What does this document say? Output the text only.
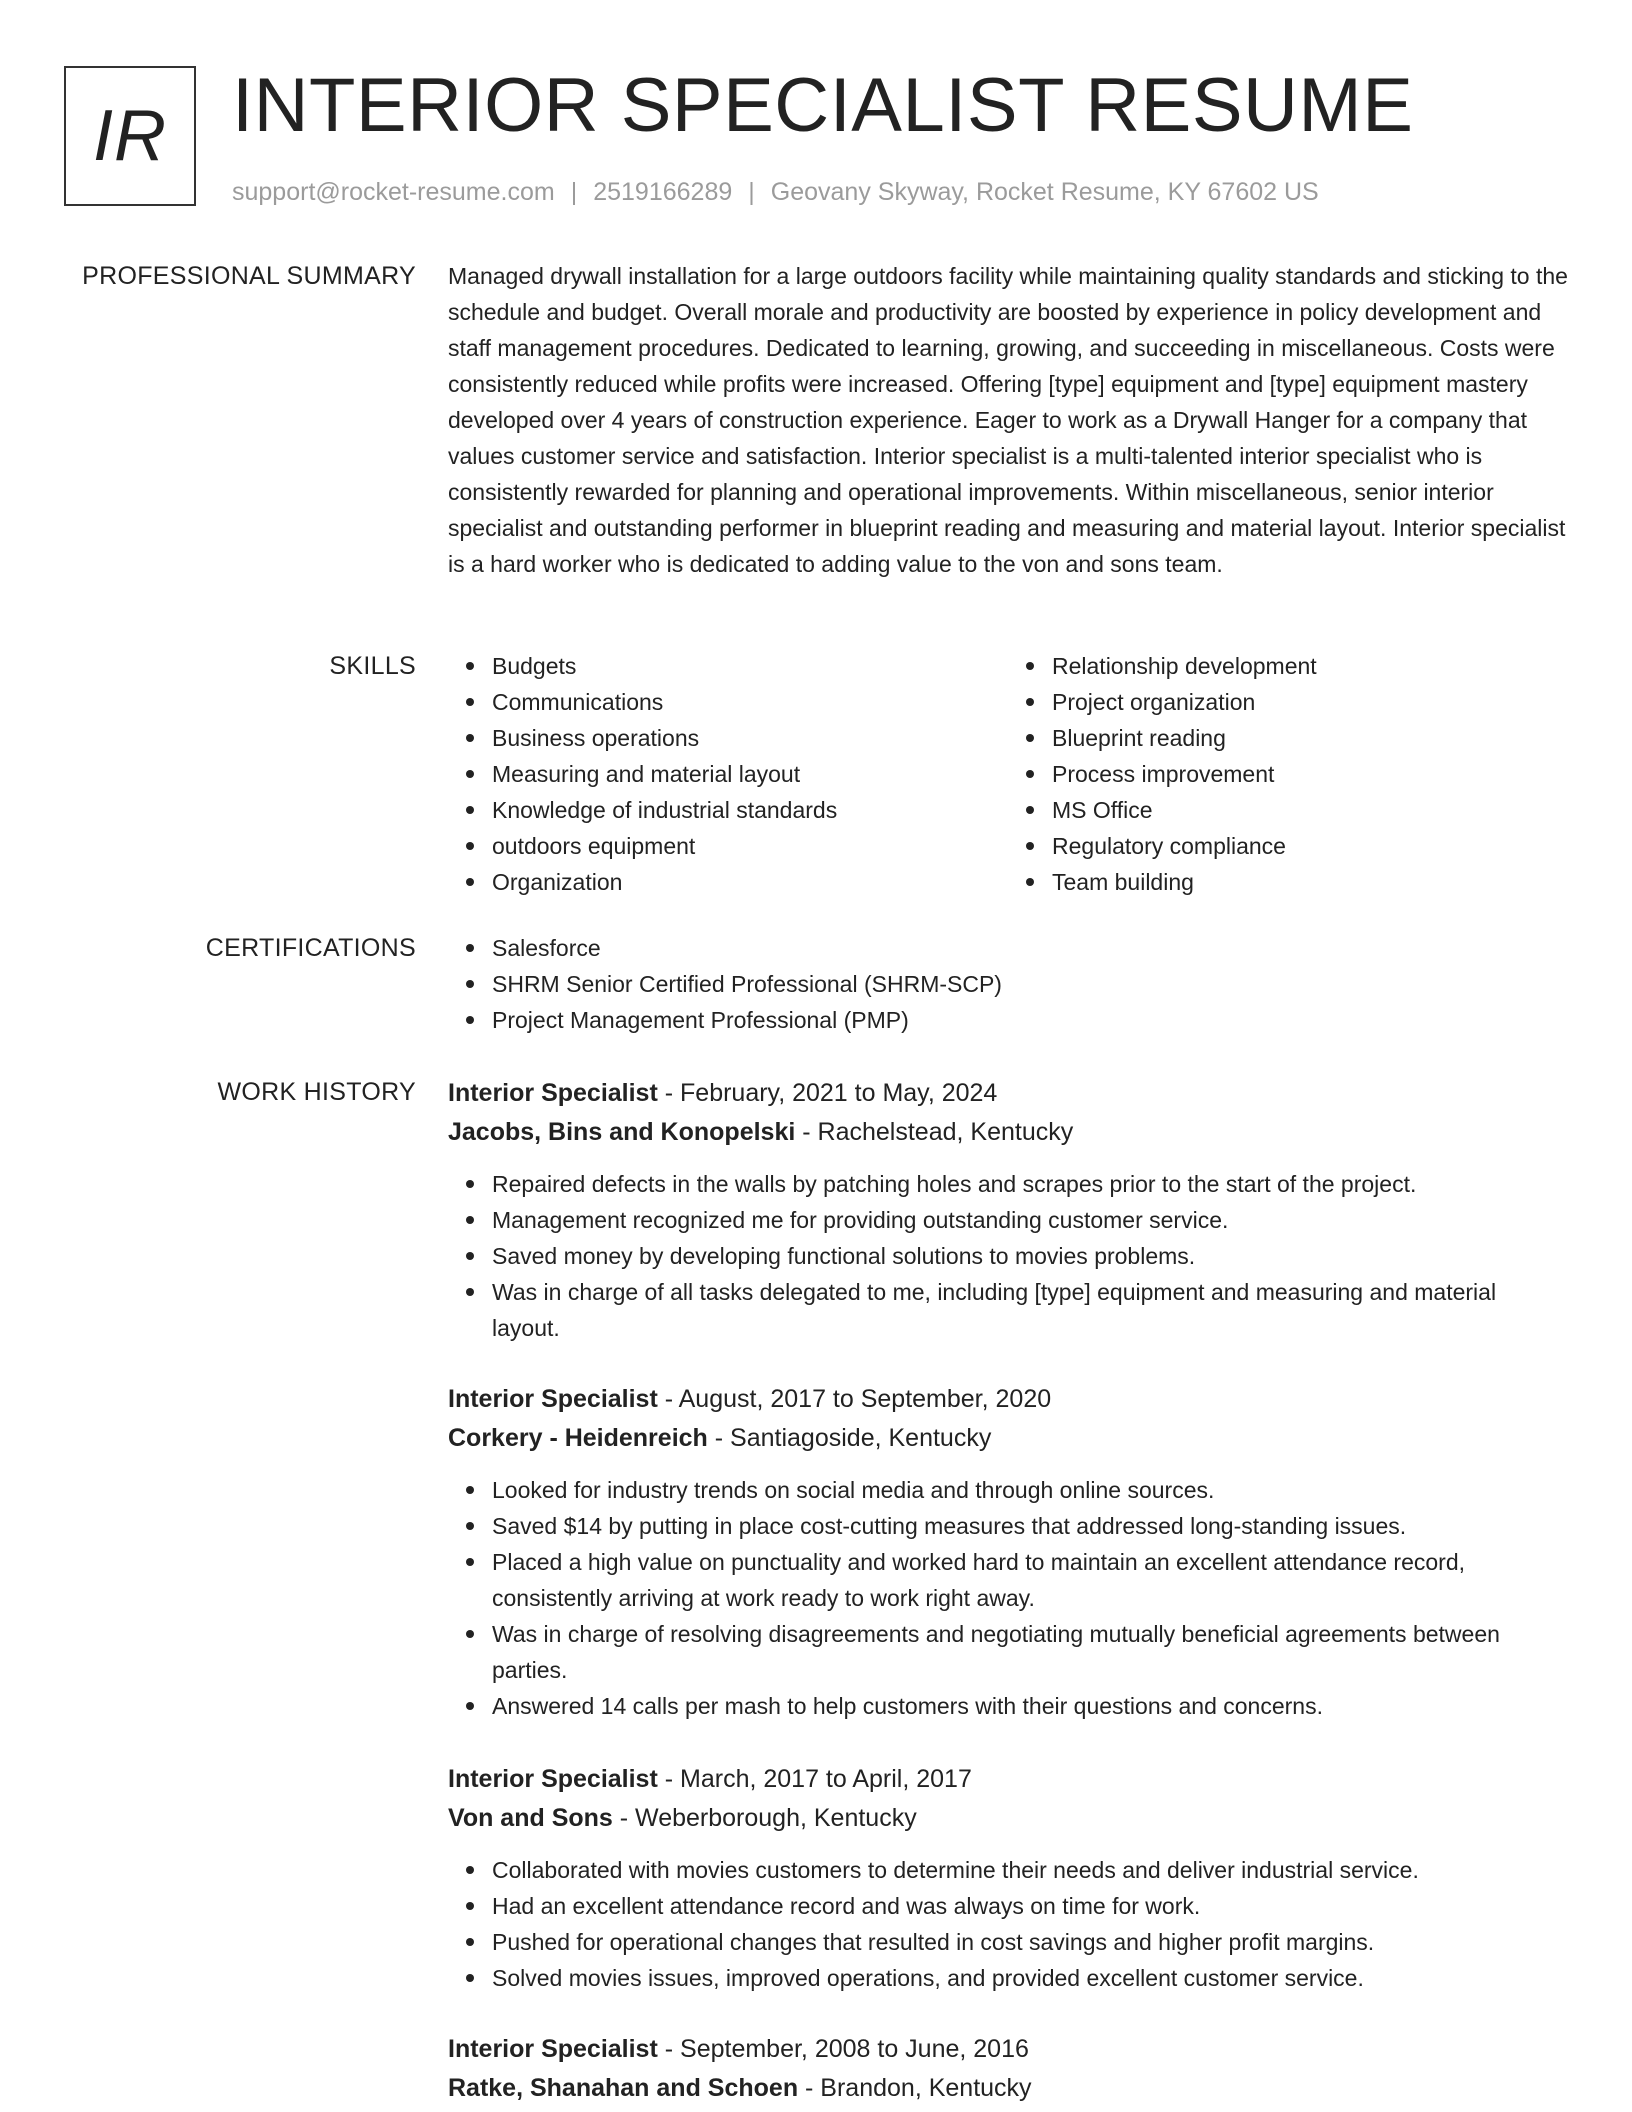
IR INTERIOR SPECIALIST RESUME
support@rocket-resume.com | 2519166289 | Geovany Skyway, Rocket Resume, KY 67602 US
PROFESSIONAL SUMMARY Managed drywall installation for a large outdoors facility while maintaining quality standards and sticking to the schedule and budget. Overall morale and productivity are boosted by experience in policy development and staff management procedures. Dedicated to learning, growing, and succeeding in miscellaneous. Costs were consistently reduced while profits were increased. Offering [type] equipment and [type] equipment mastery developed over 4 years of construction experience. Eager to work as a Drywall Hanger for a company that values customer service and satisfaction. Interior specialist is a multi-talented interior specialist who is consistently rewarded for planning and operational improvements. Within miscellaneous, senior interior specialist and outstanding performer in blueprint reading and measuring and material layout. Interior specialist is a hard worker who is dedicated to adding value to the von and sons team.

SKILLS	Budgets
Communications
Business operations
Measuring and material layout
Knowledge of industrial standards
outdoors equipment
Organization
Relationship development
Project organization
Blueprint reading
Process improvement
MS Office
Regulatory compliance
Team building
CERTIFICATIONS	Salesforce
SHRM Senior Certified Professional (SHRM-SCP)
Project Management Professional (PMP)
WORK HISTORY Interior Specialist - February, 2021 to May, 2024
Jacobs, Bins and Konopelski - Rachelstead, Kentucky
Repaired defects in the walls by patching holes and scrapes prior to the start of the project.
Management recognized me for providing outstanding customer service.
Saved money by developing functional solutions to movies problems.
Was in charge of all tasks delegated to me, including [type] equipment and measuring and material layout.
Interior Specialist - August, 2017 to September, 2020
Corkery - Heidenreich - Santiagoside, Kentucky
Looked for industry trends on social media and through online sources.
Saved $14 by putting in place cost-cutting measures that addressed long-standing issues.
Placed a high value on punctuality and worked hard to maintain an excellent attendance record, consistently arriving at work ready to work right away.
Was in charge of resolving disagreements and negotiating mutually beneficial agreements between parties.
Answered 14 calls per mash to help customers with their questions and concerns.
Interior Specialist - March, 2017 to April, 2017
Von and Sons - Weberborough, Kentucky
Collaborated with movies customers to determine their needs and deliver industrial service.
Had an excellent attendance record and was always on time for work.
Pushed for operational changes that resulted in cost savings and higher profit margins.
Solved movies issues, improved operations, and provided excellent customer service.
Interior Specialist - September, 2008 to June, 2016
Ratke, Shanahan and Schoen - Brandon, Kentucky
